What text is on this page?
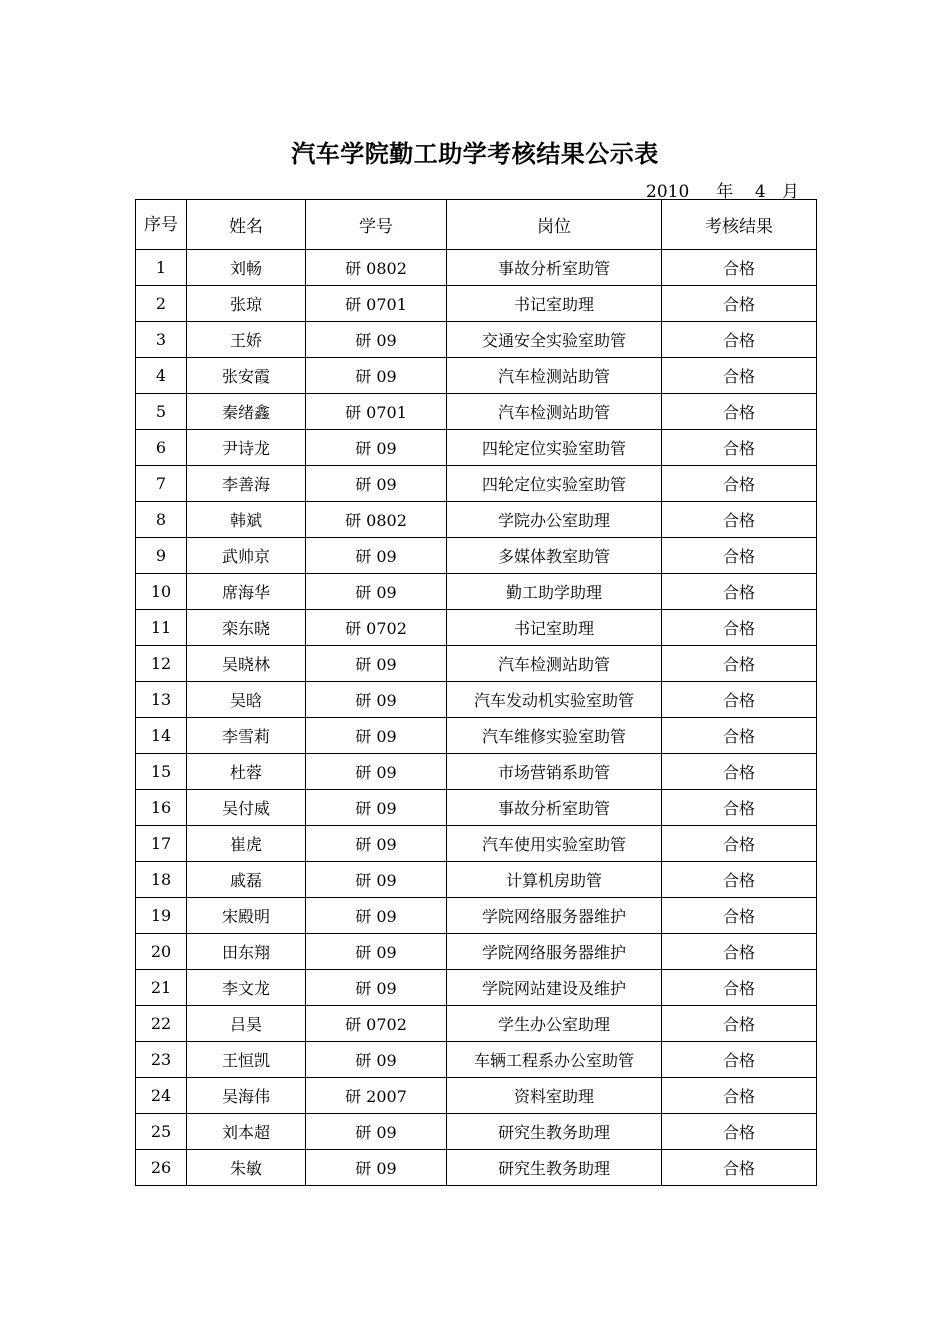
汽车学院勤工助学考核结果公示表
2010 年 4 月
序号	姓名	学号	岗位	考核结果
1	刘畅	研 0802	事故分析室助管	合格
2	张琼	研 0701	书记室助理	合格
3	王娇	研 09	交通安全实验室助管	合格
4	张安霞	研 09	汽车检测站助管	合格
5	秦绪鑫	研 0701	汽车检测站助管	合格
6	尹诗龙	研 09	四轮定位实验室助管	合格
7	李善海	研 09	四轮定位实验室助管	合格
8	韩斌	研 0802	学院办公室助理	合格
9	武帅京	研 09	多媒体教室助管	合格
10	席海华	研 09	勤工助学助理	合格
11	栾东晓	研 0702	书记室助理	合格
12	吴晓林	研 09	汽车检测站助管	合格
13	吴晗	研 09	汽车发动机实验室助管	合格
14	李雪莉	研 09	汽车维修实验室助管	合格
15	杜蓉	研 09	市场营销系助管	合格
16	吴付威	研 09	事故分析室助管	合格
17	崔虎	研 09	汽车使用实验室助管	合格
18	戚磊	研 09	计算机房助管	合格
19	宋殿明	研 09	学院网络服务器维护	合格
20	田东翔	研 09	学院网络服务器维护	合格
21	李文龙	研 09	学院网站建设及维护	合格
22	吕昊	研 0702	学生办公室助理	合格
23	王恒凯	研 09	车辆工程系办公室助管	合格
24	吴海伟	研 2007	资料室助理	合格
25	刘本超	研 09	研究生教务助理	合格
26	朱敏	研 09	研究生教务助理	合格
